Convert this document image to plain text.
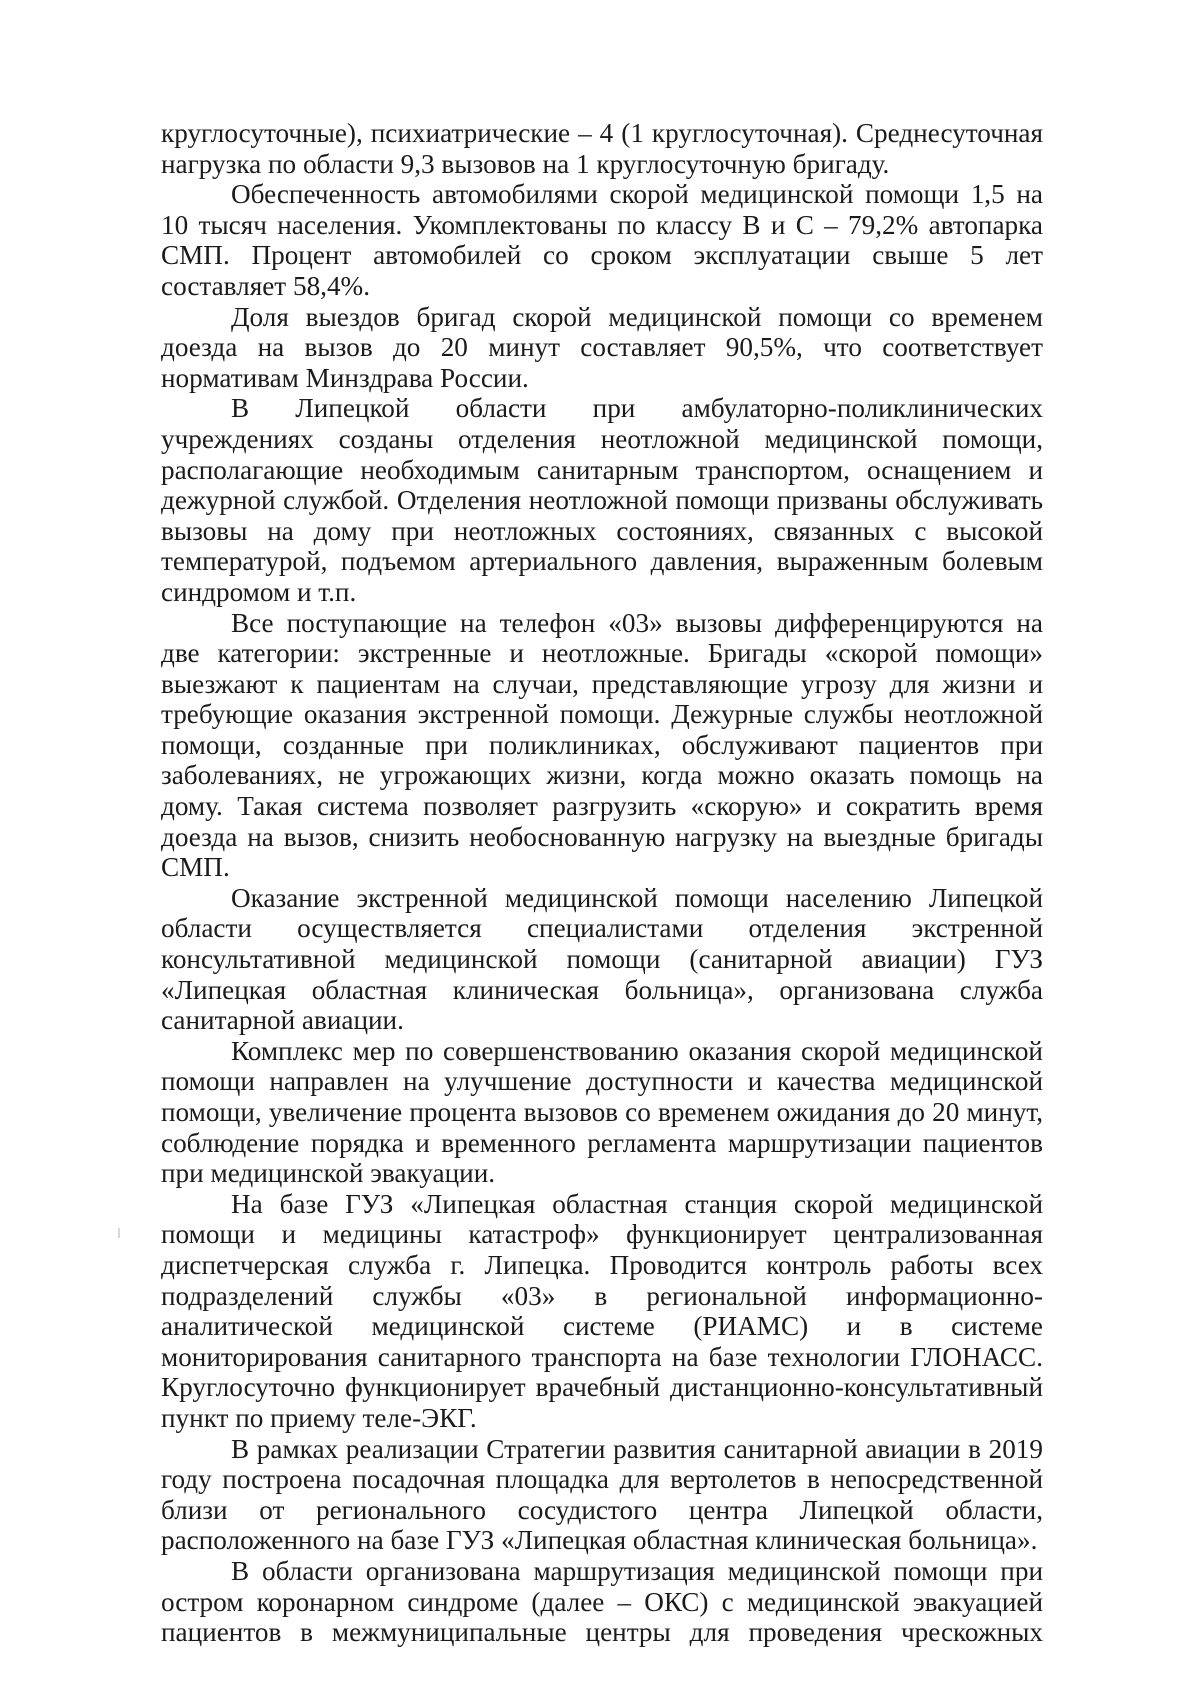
круглосуточные), психиатрические – 4 (1 круглосуточная). Среднесуточная нагрузка по области 9,3 вызовов на 1 круглосуточную бригаду.

Обеспеченность автомобилями скорой медицинской помощи 1,5 на 10 тысяч населения. Укомплектованы по классу В и С – 79,2% автопарка СМП. Процент автомобилей со сроком эксплуатации свыше 5 лет составляет 58,4%.

Доля выездов бригад скорой медицинской помощи со временем доезда на вызов до 20 минут составляет 90,5%, что соответствует нормативам Минздрава России.

В Липецкой области при амбулаторно-поликлинических учреждениях созданы отделения неотложной медицинской помощи, располагающие необходимым санитарным транспортом, оснащением и дежурной службой. Отделения неотложной помощи призваны обслуживать вызовы на дому при неотложных состояниях, связанных с высокой температурой, подъемом артериального давления, выраженным болевым синдромом и т.п.

Все поступающие на телефон «03» вызовы дифференцируются на две категории: экстренные и неотложные. Бригады «скорой помощи» выезжают к пациентам на случаи, представляющие угрозу для жизни и требующие оказания экстренной помощи. Дежурные службы неотложной помощи, созданные при поликлиниках, обслуживают пациентов при заболеваниях, не угрожающих жизни, когда можно оказать помощь на дому. Такая система позволяет разгрузить «скорую» и сократить время доезда на вызов, снизить необоснованную нагрузку на выездные бригады СМП.

Оказание экстренной медицинской помощи населению Липецкой области осуществляется специалистами отделения экстренной консультативной медицинской помощи (санитарной авиации) ГУЗ «Липецкая областная клиническая больница», организована служба санитарной авиации.

Комплекс мер по совершенствованию оказания скорой медицинской помощи направлен на улучшение доступности и качества медицинской помощи, увеличение процента вызовов со временем ожидания до 20 минут, соблюдение порядка и временного регламента маршрутизации пациентов при медицинской эвакуации.

На базе ГУЗ «Липецкая областная станция скорой медицинской помощи и медицины катастроф» функционирует централизованная диспетчерская служба г. Липецка. Проводится контроль работы всех подразделений службы «03» в региональной информационно-аналитической медицинской системе (РИАМС) и в системе мониторирования санитарного транспорта на базе технологии ГЛОНАСС. Круглосуточно функционирует врачебный дистанционно-консультативный пункт по приему теле-ЭКГ.

В рамках реализации Стратегии развития санитарной авиации в 2019 году построена посадочная площадка для вертолетов в непосредственной близи от регионального сосудистого центра Липецкой области, расположенного на базе ГУЗ «Липецкая областная клиническая больница».

В области организована маршрутизация медицинской помощи при остром коронарном синдроме (далее – ОКС) с медицинской эвакуацией пациентов в межмуниципальные центры для проведения чрескожных
